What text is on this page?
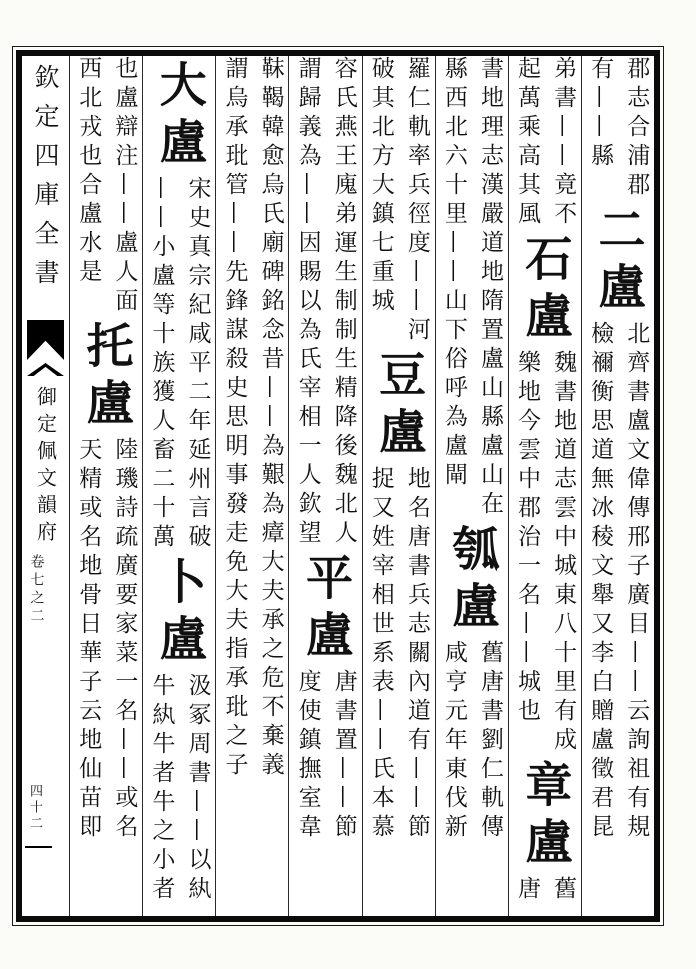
欽定四庫全書
御定佩文韻府
卷七之二
四十二
郡志合浦郡
有——縣
二盧
北齊書盧文偉傳邢子廣目——云詢祖有規
檢禰衡思道無冰稜文舉又李白贈盧徵君昆
弟書——竟不
起萬乘高其風
石盧
魏書地道志雲中城東八十里有成
樂地今雲中郡治一名——城也
章盧
舊
唐
書地理志漢嚴道地隋置盧山縣盧山在
縣西北六十里——山下俗呼為盧閘
瓠盧
舊唐書劉仁軌傳
咸亨元年東伐新
羅仁軌率兵徑度——河
破其北方大鎮七重城
豆盧
地名唐書兵志關內道有——節
捉又姓宰相世系表——氏本慕
容氏燕王廆弟運生制制生精降後魏北人
謂歸義為——因賜以為氏宰相一人欽望
平盧
唐書置——節
度使鎮撫室韋
靺鞨韓愈烏氏廟碑銘念昔——為艱為瘴大夫承之危不棄義
謂烏承玭管——先鋒謀殺史思明事發走免大夫指承玭之子
大盧
宋史真宗紀咸平二年延州言破
——小盧等十族獲人畜二十萬
卜盧
汲冢周書——以紈
牛紈牛者牛之小者
也盧辯注——盧人面
西北戎也合盧水是
托盧
陸璣詩疏廣要家菜一名——或名
天精或名地骨日華子云地仙苗即
